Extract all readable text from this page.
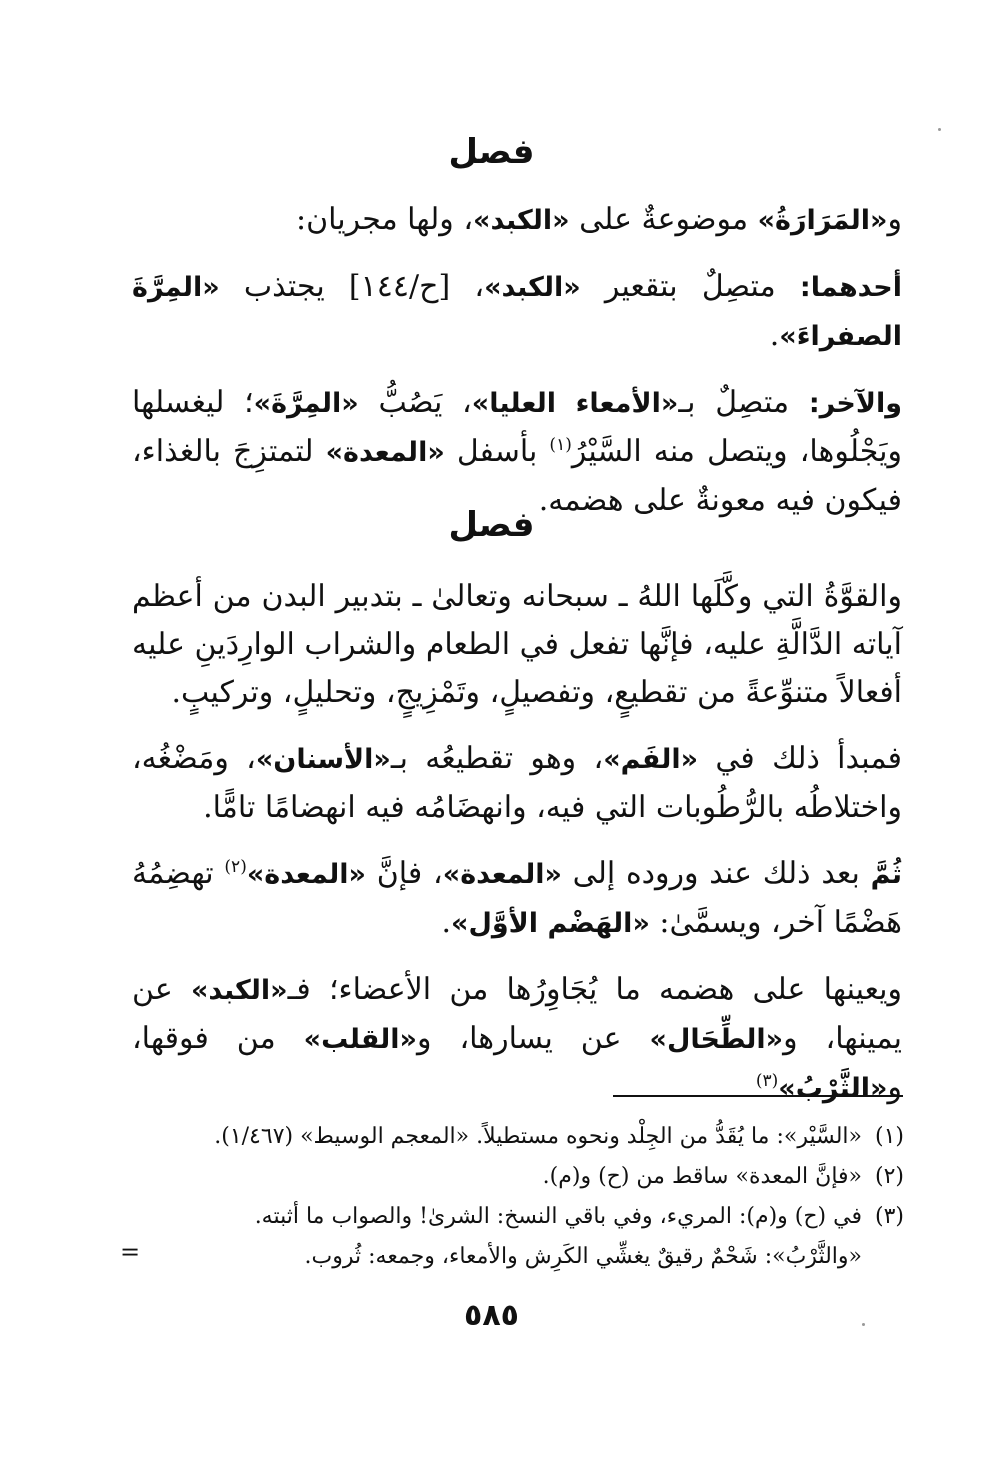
فصل

و«المَرَارَةُ» موضوعةٌ على «الكبد»، ولها مجريان:

أحدهما: متصِلٌ بتقعير «الكبد»، [ح/١٤٤] يجتذب «المِرَّةَ الصفراءَ».

والآخر: متصِلٌ بـ«الأمعاء العليا»، يَصُبُّ «المِرَّةَ»؛ ليغسلها ويَجْلُوها، ويتصل منه السَّيْرُ$^{(١)}$ بأسفل «المعدة» لتمتزِجَ بالغذاء، فيكون فيه معونةٌ على هضمه.

فصل

والقوَّةُ التي وكَّلَها اللهُ ـ سبحانه وتعالىٰ ـ بتدبير البدن من أعظم آياته الدَّالَّةِ عليه، فإنَّها تفعل في الطعام والشراب الوارِدَينِ عليه أفعالاً متنوِّعةً من تقطيعٍ، وتفصيلٍ، وتَمْزِيجٍ، وتحليلٍ، وتركيبٍ.

فمبدأ ذلك في «الفَم»، وهو تقطيعُه بـ«الأسنان»، ومَضْغُه، واختلاطُه بالرُّطُوبات التي فيه، وانهضَامُه فيه انهضامًا تامًّا.

ثُمَّ بعد ذلك عند وروده إلى «المعدة»، فإنَّ «المعدة»$^{(٢)}$ تهضِمُهُ هَضْمًا آخر، ويسمَّىٰ: «الهَضْم الأوَّل».

ويعينها على هضمه ما يُجَاوِرُها من الأعضاء؛ فـ«الكبد» عن يمينها، و«الطِّحَال» عن يسارها، و«القلب» من فوقها، و«الثَّرْبُ»$^{(٣)}$

(١)«السَّيْر»: ما يُقَدُّ من الجِلْد ونحوه مستطيلاً. «المعجم الوسيط» (١/٤٦٧).

(٢)«فإنَّ المعدة» ساقط من (ح) و(م).

(٣)في (ح) و(م): المريء، وفي باقي النسخ: الشرىٰ! والصواب ما أثبته.

«والثَّرْبُ»: شَحْمٌ رقيقٌ يغشِّي الكَرِش والأمعاء، وجمعه: ثُروب.

=
٥٨٥
